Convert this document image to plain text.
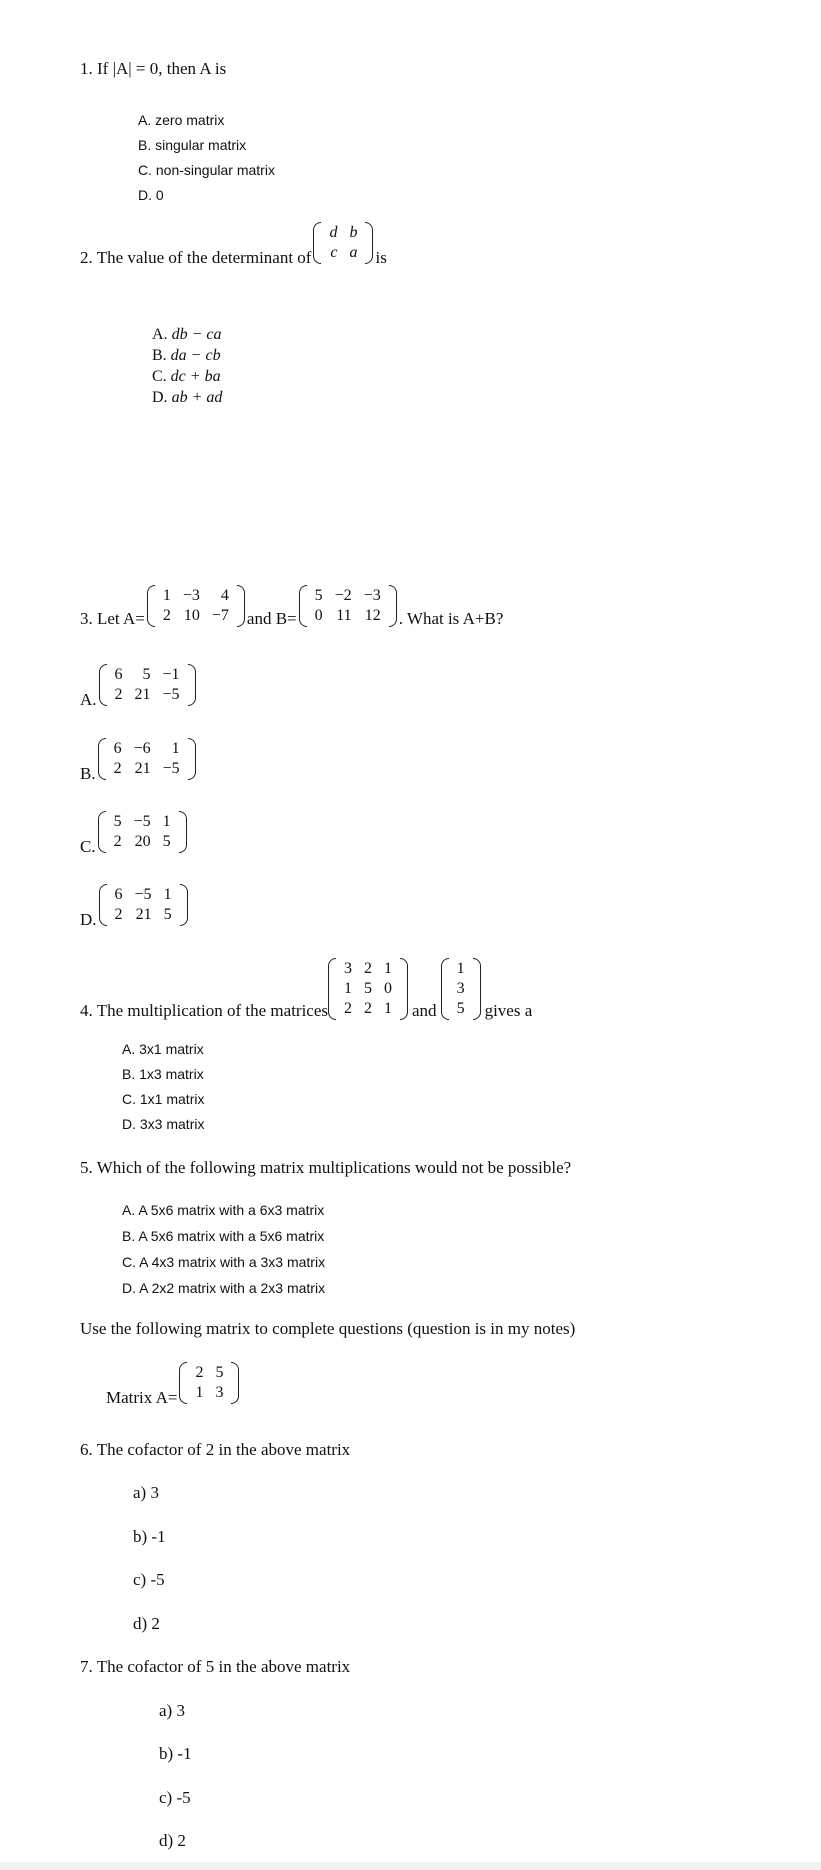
1. If |A| = 0, then A is
A. zero matrix
B. singular matrix
C. non-singular matrix
D. 0
2. The value of the determinant of
d	b
c	a is
A. db − ca
B. da − cb
C. dc + ba
D. ab + ad
3. Let A=
1	−3	4
2	10	−7 and B=
5	−2	−3
0	11	12 . What is A+B?
A.
6	5	−1
2	21	−5
B.
6	−6	1
2	21	−5
C.
5	−5	1
2	20	5
D.
6	−5	1
2	21	5
4. The multiplication of the matrices
3	2	1
1	5	0
2	2	1 and
1
3
5 gives a
A. 3x1 matrix
B. 1x3 matrix
C. 1x1 matrix
D. 3x3 matrix
5. Which of the following matrix multiplications would not be possible?
A. A 5x6 matrix with a 6x3 matrix
B. A 5x6 matrix with a 5x6 matrix
C. A 4x3 matrix with a 3x3 matrix
D. A 2x2 matrix with a 2x3 matrix
Use the following matrix to complete questions (question is in my notes)
Matrix A=
2	5
1	3
6. The cofactor of 2 in the above matrix
a) 3
b) -1
c) -5
d) 2
7. The cofactor of 5 in the above matrix
a) 3
b) -1
c) -5
d) 2
